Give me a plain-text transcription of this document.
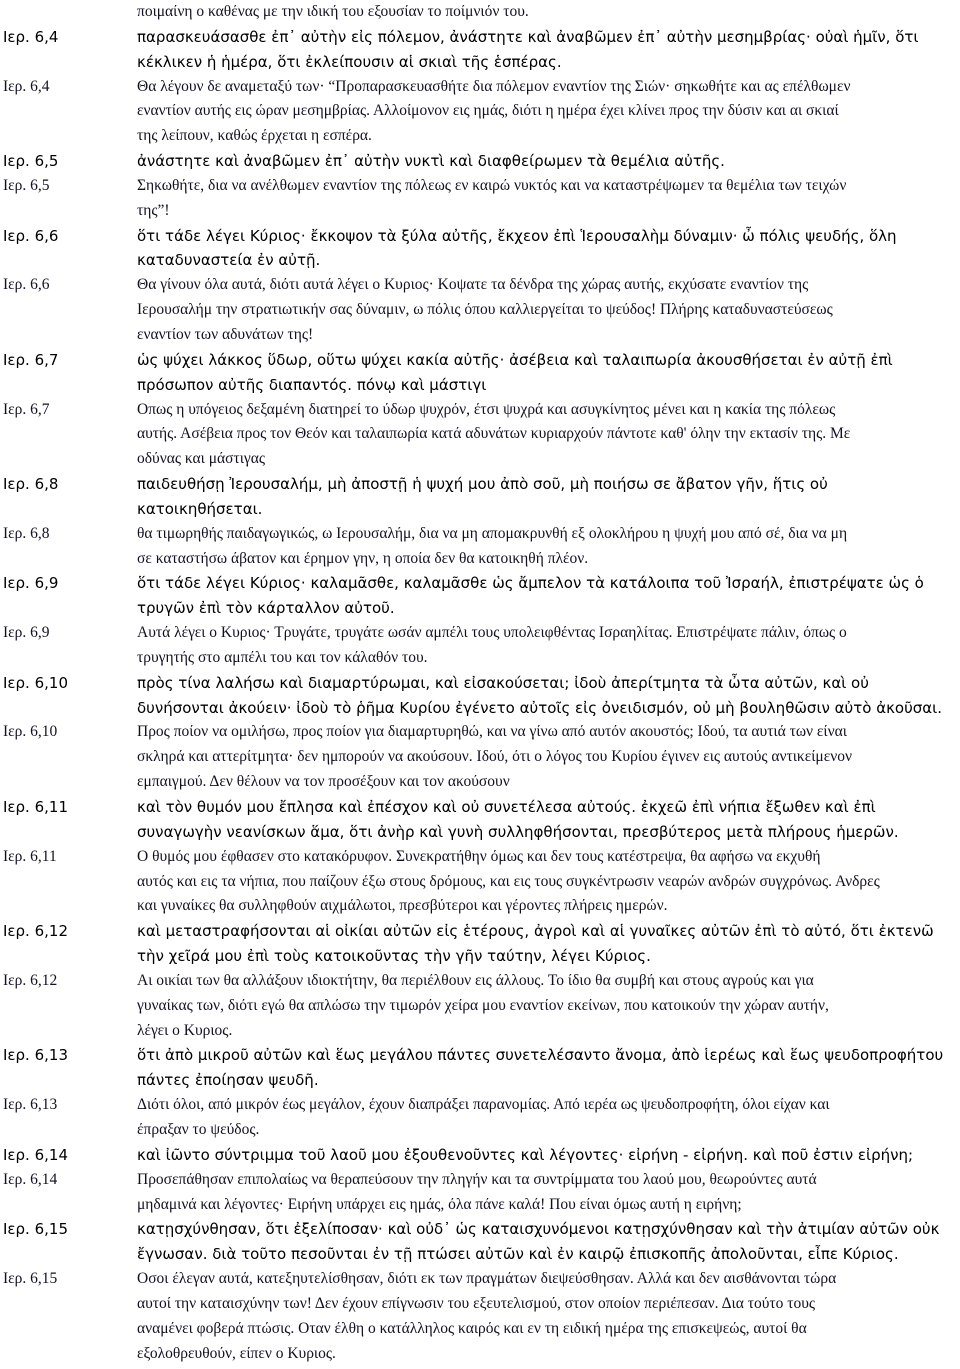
ποιμαίνη ο καθένας με την ιδική του εξουσίαν το ποίμνιόν του.
Ιερ. 6,4	παρασκευάσασθε ἐπ᾿ αὐτὴν εἰς πόλεμον, ἀνάστητε καὶ ἀναβῶμεν ἐπ᾿ αὐτὴν μεσημβρίας· οὐαὶ ἡμῖν, ὅτι
κέκλικεν ἡ ἡμέρα, ὅτι ἐκλείπουσιν αἱ σκιαὶ τῆς ἑσπέρας.
Ιερ. 6,4	Θα λέγουν δε αναμεταξύ των· “Προπαρασκευασθήτε δια πόλεμον εναντίον της Σιών· σηκωθήτε και ας επέλθωμεν
εναντίον αυτής εις ώραν μεσημβρίας. Αλλοίμονον εις ημάς, διότι η ημέρα έχει κλίνει προς την δύσιν και αι σκιαί
της λείπουν, καθώς έρχεται η εσπέρα.
Ιερ. 6,5	ἀνάστητε καὶ ἀναβῶμεν ἐπ᾿ αὐτὴν νυκτὶ καὶ διαφθείρωμεν τὰ θεμέλια αὐτῆς.
Ιερ. 6,5	Σηκωθήτε, δια να ανέλθωμεν εναντίον της πόλεως εν καιρώ νυκτός και να καταστρέψωμεν τα θεμέλια των τειχών
της”!
Ιερ. 6,6	ὅτι τάδε λέγει Κύριος· ἔκκοψον τὰ ξύλα αὐτῆς, ἔκχεον ἐπὶ Ἱερουσαλὴμ δύναμιν· ὦ πόλις ψευδής, ὅλη
καταδυναστεία ἐν αὐτῇ.
Ιερ. 6,6	Θα γίνουν όλα αυτά, διότι αυτά λέγει ο Κυριος· Κοψατε τα δένδρα της χώρας αυτής, εκχύσατε εναντίον της
Ιερουσαλήμ την στρατιωτικήν σας δύναμιν, ω πόλις όπου καλλιεργείται το ψεύδος! Πλήρης καταδυναστεύσεως
εναντίον των αδυνάτων της!
Ιερ. 6,7	ὡς ψύχει λάκκος ὕδωρ, οὕτω ψύχει κακία αὐτῆς· ἀσέβεια καὶ ταλαιπωρία ἀκουσθήσεται ἐν αὐτῇ ἐπὶ
πρόσωπον αὐτῆς διαπαντός. πόνῳ καὶ μάστιγι
Ιερ. 6,7	Οπως η υπόγειος δεξαμένη διατηρεί το ύδωρ ψυχρόν, έτσι ψυχρά και ασυγκίνητος μένει και η κακία της πόλεως
αυτής. Ασέβεια προς τον Θεόν και ταλαιπωρία κατά αδυνάτων κυριαρχούν πάντοτε καθ' όλην την εκτασίν της. Με
οδύνας και μάστιγας
Ιερ. 6,8	παιδευθήσῃ Ἰερουσαλήμ, μὴ ἀποστῇ ἡ ψυχή μου ἀπὸ σοῦ, μὴ ποιήσω σε ἄβατον γῆν, ἥτις οὐ
κατοικηθήσεται.
Ιερ. 6,8	θα τιμωρηθής παιδαγωγικώς, ω Ιερουσαλήμ, δια να μη απομακρυνθή εξ ολοκλήρου η ψυχή μου από σέ, δια να μη
σε καταστήσω άβατον και έρημον γην, η οποία δεν θα κατοικηθή πλέον.
Ιερ. 6,9	ὅτι τάδε λέγει Κύριος· καλαμᾶσθε, καλαμᾶσθε ὡς ἄμπελον τὰ κατάλοιπα τοῦ Ἰσραήλ, ἐπιστρέψατε ὡς ὁ
τρυγῶν ἐπὶ τὸν κάρταλλον αὐτοῦ.
Ιερ. 6,9	Αυτά λέγει ο Κυριος· Τρυγάτε, τρυγάτε ωσάν αμπέλι τους υπολειφθέντας Ισραηλίτας. Επιστρέψατε πάλιν, όπως ο
τρυγητής στο αμπέλι του και τον κάλαθόν του.
Ιερ. 6,10	πρὸς τίνα λαλήσω καὶ διαμαρτύρωμαι, καὶ εἰσακούσεται; ἰδοὺ ἀπερίτμητα τὰ ὦτα αὐτῶν, καὶ οὐ
δυνήσονται ἀκούειν· ἰδοὺ τὸ ῥῆμα Κυρίου ἐγένετο αὐτοῖς εἰς ὀνειδισμόν, οὐ μὴ βουληθῶσιν αὐτὸ ἀκοῦσαι.
Ιερ. 6,10	Προς ποίον να ομιλήσω, προς ποίον για διαμαρτυρηθώ, και να γίνω από αυτόν ακουστός; Ιδού, τα αυτιά των είναι
σκληρά και αττερίτμητα· δεν ημπορούν να ακούσουν. Ιδού, ότι ο λόγος του Κυρίου έγινεν εις αυτούς αντικείμενον
εμπαιγμού. Δεν θέλουν να τον προσέξουν και τον ακούσουν
Ιερ. 6,11	καὶ τὸν θυμόν μου ἔπλησα καὶ ἐπέσχον καὶ οὐ συνετέλεσα αὐτούς. ἐκχεῶ ἐπὶ νήπια ἔξωθεν καὶ ἐπὶ
συναγωγὴν νεανίσκων ἅμα, ὅτι ἀνὴρ καὶ γυνὴ συλληφθήσονται, πρεσβύτερος μετὰ πλήρους ἡμερῶν.
Ιερ. 6,11	Ο θυμός μου έφθασεν στο κατακόρυφον. Συνεκρατήθην όμως και δεν τους κατέστρεψα, θα αφήσω να εκχυθή
αυτός και εις τα νήπια, που παίζουν έξω στους δρόμους, και εις τους συγκέντρωσιν νεαρών ανδρών συγχρόνως. Ανδρες
και γυναίκες θα συλληφθούν αιχμάλωτοι, πρεσβύτεροι και γέροντες πλήρεις ημερών.
Ιερ. 6,12	καὶ μεταστραφήσονται αἱ οἰκίαι αὐτῶν εἰς ἑτέρους, ἀγροὶ καὶ αἱ γυναῖκες αὐτῶν ἐπὶ τὸ αὐτό, ὅτι ἐκτενῶ
τὴν χεῖρά μου ἐπὶ τοὺς κατοικοῦντας τὴν γῆν ταύτην, λέγει Κύριος.
Ιερ. 6,12	Αι οικίαι των θα αλλάξουν ιδιοκτήτην, θα περιέλθουν εις άλλους. Το ίδιο θα συμβή και στους αγρούς και για
γυναίκας των, διότι εγώ θα απλώσω την τιμωρόν χείρα μου εναντίον εκείνων, που κατοικούν την χώραν αυτήν,
λέγει ο Κυριος.
Ιερ. 6,13	ὅτι ἀπὸ μικροῦ αὐτῶν καὶ ἕως μεγάλου πάντες συνετελέσαντο ἄνομα, ἀπὸ ἱερέως καὶ ἕως ψευδοπροφήτου
πάντες ἐποίησαν ψευδῆ.
Ιερ. 6,13	Διότι όλοι, από μικρόν έως μεγάλον, έχουν διαπράξει παρανομίας. Από ιερέα ως ψευδοπροφήτη, όλοι είχαν και
έπραξαν το ψεύδος.
Ιερ. 6,14	καὶ ἰῶντο σύντριμμα τοῦ λαοῦ μου ἐξουθενοῦντες καὶ λέγοντες· εἰρήνη - εἰρήνη. καὶ ποῦ ἐστιν εἰρήνη;
Ιερ. 6,14	Προσεπάθησαν επιπολαίως να θεραπεύσουν την πληγήν και τα συντρίμματα του λαού μου, θεωρούντες αυτά
μηδαμινά και λέγοντες· Ειρήνη υπάρχει εις ημάς, όλα πάνε καλά! Που είναι όμως αυτή η ειρήνη;
Ιερ. 6,15	κατῃσχύνθησαν, ὅτι ἐξελίποσαν· καὶ οὐδ᾿ ὡς καταισχυνόμενοι κατῃσχύνθησαν καὶ τὴν ἀτιμίαν αὐτῶν οὐκ
ἔγνωσαν. διὰ τοῦτο πεσοῦνται ἐν τῇ πτώσει αὐτῶν καὶ ἐν καιρῷ ἐπισκοπῆς ἀπολοῦνται, εἶπε Κύριος.
Ιερ. 6,15	Οσοι έλεγαν αυτά, κατεξηυτελίσθησαν, διότι εκ των πραγμάτων διεψεύσθησαν. Αλλά και δεν αισθάνονται τώρα
αυτοί την καταισχύνην των! Δεν έχουν επίγνωσιν του εξευτελισμού, στον οποίον περιέπεσαν. Δια τούτο τους
αναμένει φοβερά πτώσις. Οταν έλθη ο κατάλληλος καιρός και εν τη ειδική ημέρα της επισκεψεώς, αυτοί θα
εξολοθρευθούν, είπεν ο Κυριος.
